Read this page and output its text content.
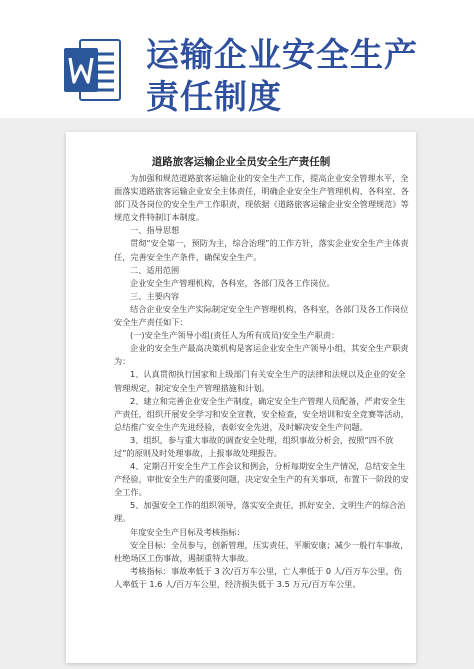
运输企业安全生产
责任制度
道路旅客运输企业全员安全生产责任制

为加强和规范道路旅客运输企业的安全生产工作，提高企业安全管理水平，全面落实道路旅客运输企业安全主体责任，明确企业安全生产管理机构、各科室、各部门及各岗位的安全生产工作职责，现依据《道路旅客运输企业安全管理规范》等规范文件特制订本制度。

一、指导思想

贯彻“安全第一，预防为主，综合治理”的工作方针，落实企业安全生产主体责任，完善安全生产条件，确保安全生产。

二、适用范围

企业安全生产管理机构，各科室，各部门及各工作岗位。

三、主要内容

结合企业安全生产实际制定安全生产管理机构，各科室，各部门及各工作岗位安全生产责任如下：

(一)安全生产领导小组(责任人为所有成员)安全生产职责：

企业的安全生产最高决策机构是客运企业安全生产领导小组，其安全生产职责为：

1、认真贯彻执行国家和上级部门有关安全生产的法律和法规以及企业的安全管理规定，制定安全生产管理措施和计划。

2、建立和完善企业安全生产制度，确定安全生产管理人员配备，严肃安全生产责任，组织开展安全学习和安全宣教，安全检查，安全培训和安全竞赛等活动，总结推广安全生产先进经验，表彰安全先进，及时解决安全生产问题。

3、组织，参与重大事故的调查安全处理，组织事故分析会，按照“四不放过”的原则及时处理事故，上报事故处理报告。

4、定期召开安全生产工作会议和例会，分析每期安全生产情况，总结安全生产经验，审批安全生产的重要问题，决定安全生产的有关事项，布置下一阶段的安全工作。

5、加强安全工作的组织领导，落实安全责任，抓好安全、文明生产的综合治理。

年度安全生产目标及考核指标：

安全目标：全员参与，创新管理，压实责任，平顺安康；减少一般行车事故，杜绝场区工伤事故，遏制重特大事故。

考核指标：事故率低于 3 次/百万车公里，亡人率低于 0 人/百万车公里，伤人率低于 1.6 人/百万车公里，经济损失低于 3.5 万元/百万车公里。
